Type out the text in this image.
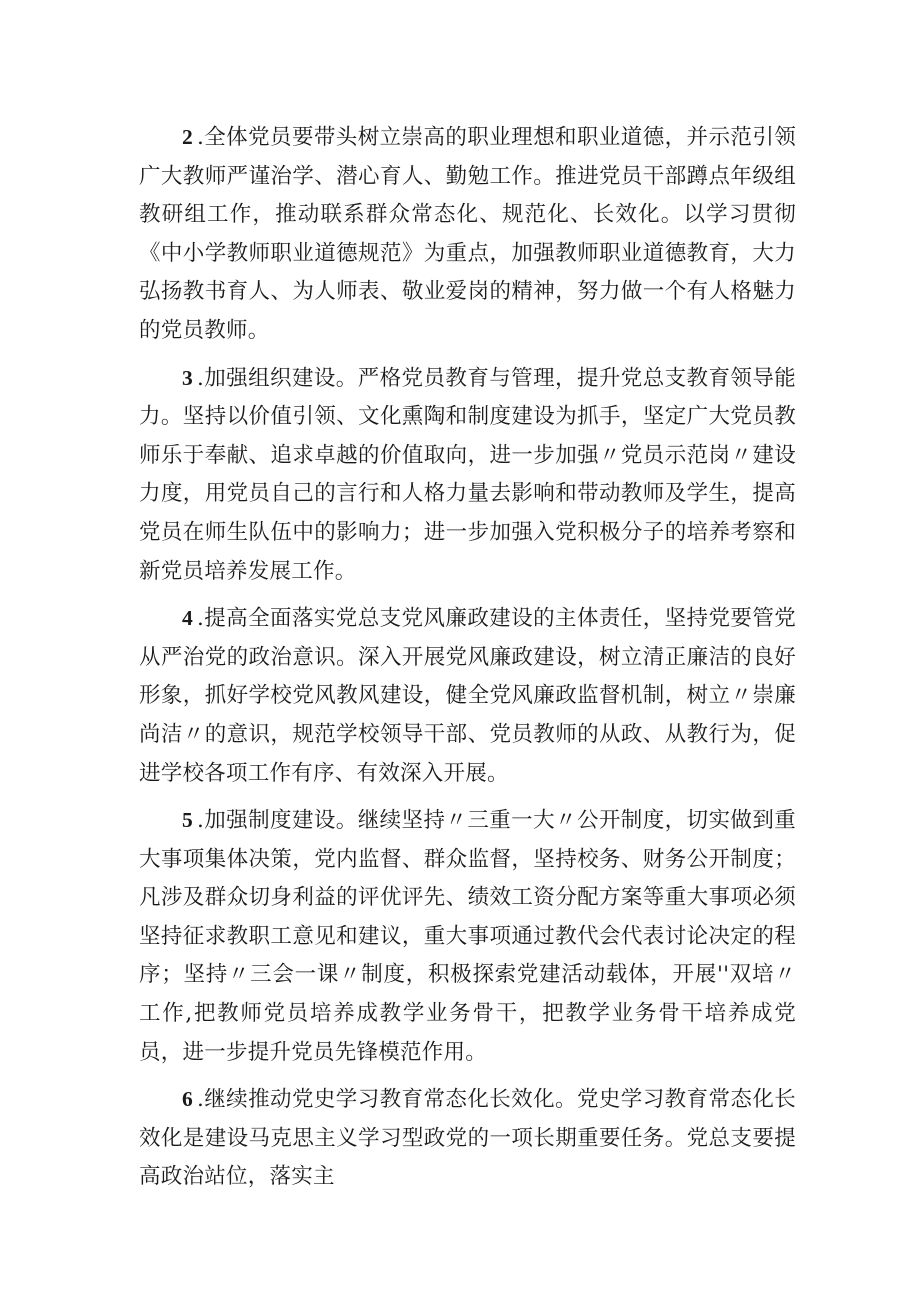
2 .全体党员要带头树立崇高的职业理想和职业道德，并示范引领广大教师严谨治学、潜心育人、勤勉工作。推进党员干部蹲点年级组教研组工作，推动联系群众常态化、规范化、长效化。以学习贯彻《中小学教师职业道德规范》为重点，加强教师职业道德教育，大力弘扬教书育人、为人师表、敬业爱岗的精神，努力做一个有人格魅力的党员教师。

3 .加强组织建设。严格党员教育与管理，提升党总支教育领导能力。坚持以价值引领、文化熏陶和制度建设为抓手，坚定广大党员教师乐于奉献、追求卓越的价值取向，进一步加强〃党员示范岗〃建设力度，用党员自己的言行和人格力量去影响和带动教师及学生，提高党员在师生队伍中的影响力；进一步加强入党积极分子的培养考察和新党员培养发展工作。

4 .提高全面落实党总支党风廉政建设的主体责任，坚持党要管党从严治党的政治意识。深入开展党风廉政建设，树立清正廉洁的良好形象，抓好学校党风教风建设，健全党风廉政监督机制，树立〃崇廉尚洁〃的意识，规范学校领导干部、党员教师的从政、从教行为，促进学校各项工作有序、有效深入开展。

5 .加强制度建设。继续坚持〃三重一大〃公开制度，切实做到重大事项集体决策，党内监督、群众监督，坚持校务、财务公开制度；凡涉及群众切身利益的评优评先、绩效工资分配方案等重大事项必须坚持征求教职工意见和建议，重大事项通过教代会代表讨论决定的程序；坚持〃三会一课〃制度，积极探索党建活动载体，开展''双培〃工作,把教师党员培养成教学业务骨干，把教学业务骨干培养成党员，进一步提升党员先锋模范作用。

6 .继续推动党史学习教育常态化长效化。党史学习教育常态化长效化是建设马克思主义学习型政党的一项长期重要任务。党总支要提高政治站位，落实主
